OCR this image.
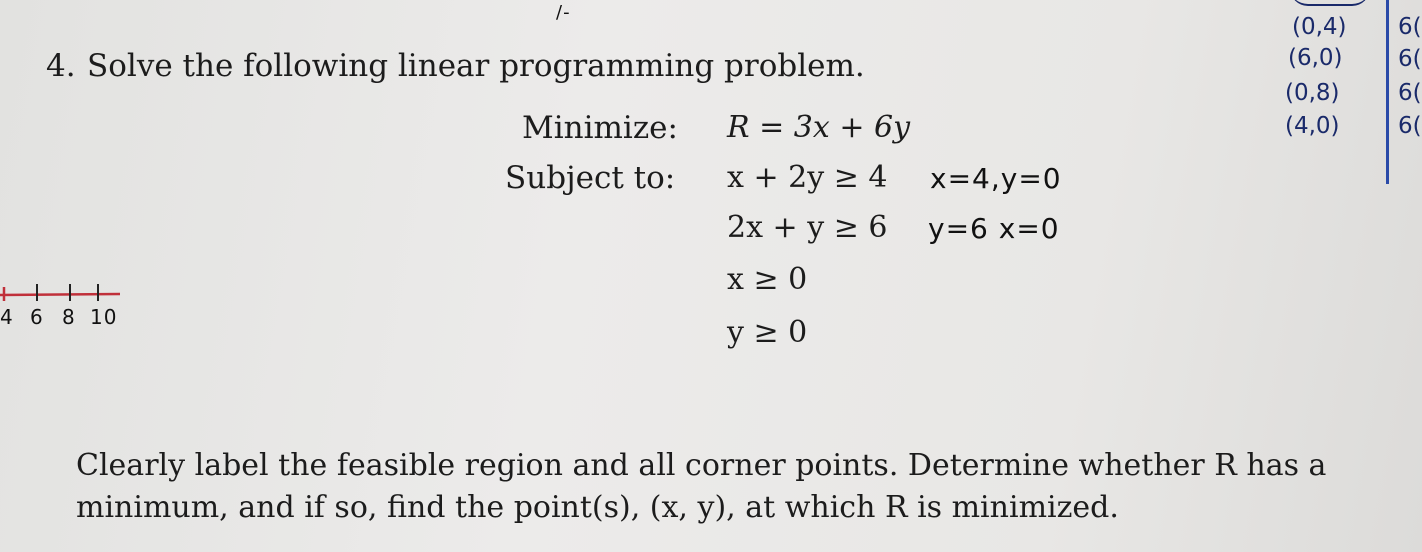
/-
4. Solve the following linear programming problem.
Minimize:
Subject to:
R = 3x + 6y
x + 2y ≥ 4
2x + y ≥ 6
x ≥ 0
y ≥ 0
x=4,y=0
y=6 x=0
(0,4)
(6,0)
(0,8)
(4,0)
6(
6(
6(
6(
4 6 8 10
Clearly label the feasible region and all corner points. Determine whether R has a
minimum, and if so, find the point(s), (x, y), at which R is minimized.
